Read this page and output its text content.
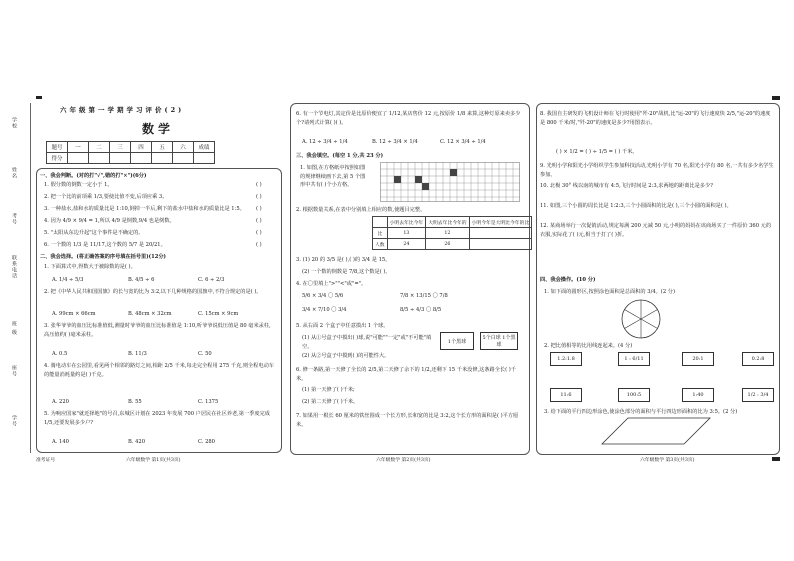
学校
姓名
考号
联系电话
班 级
座号
学号
六年级第一学期学习评价(2)
数学
题号	一	二	三	四	五	六	成绩
得分							
一、我会判断。(对的打"√",错的打"×")(6分)
1. 假分数的倒数一定小于 1。
2. 把一个比的前项乘 1/3,要使比值不变,后项应乘 3。
3. 一种盐水,盐和水的质量比是 1:10,倒掉一半后,剩下的盐水中盐和水的质量比是 1:5。
4. 因为 4/9 × 9/4 = 1,所以 4/9 是倒数,9/4 也是倒数。
5. "太阳从东边升起"这个事件是不确定的。
6. 一个数的 1/3 是 11/17,这个数的 5/7 是 20/21。
( )
( )
( )
( )
( )
( )
二、我会选择。(将正确答案的序号填在括号里)(12分)
1. 下面算式中,得数大于被除数的是( )。
A. 1/4 ÷ 5/3	B. 4/5 ÷ 6	C. 6 ÷ 2/3
2. 把《中华人民共和国国旗》的长与宽的比为 3:2,以下几种规格的国旗中,不符合规定的是( )。
A. 99cm × 66cm	B. 48cm × 32cm	C. 15cm × 9cm
3. 张华爷爷的血压比标准值低,测量时爷爷的血压比标准值是 1:10,听爷爷说低压值是 80 毫米汞柱,高压值约( )毫米汞柱。
A. 0.5	B. 11/3	C. 50
4. 骑电动车在公园里,看见两个相邻的路灯之间,相距 2/5 千米,每走完全程用 275 千克,则全程电动车的能量消耗量约是( )千克。
A. 220	B. 55	C. 1375
5. 为响应国家"就近择地"的号召,东城区计划在 2023 年发展 700 户居民在社区养老,第一季度完成 1/5,还要发展多少户?
A. 140	B. 420	C. 280
6. 有一个节电灯,其定价是比原价便宜了 1/12,某店售价 12 元,按原价 1/8 来算,这种灯原来卖多少个?请列式计算( )( )。
A. 12 ÷ 3/4 ÷ 1/4	B. 12 ÷ 3/4 × 1/4	C. 12 × 3/4 ÷ 1/4
三、我会填空。(每空 1 分,共 23 分)
1. 如图,在方格纸中按照如图的规律继续画下去,第 5 个图形中共有( )个小方格。
2. 根据数量关系,在表中分别填上相应的数,使题目完整。
	小明去年比今年	大明去年比今年的	小明今年是大明比今年的比
比	13	12	
人数	24	26	
3. (1) 20 的 3/5 是( ),( )的 3/4 是 15。
(2) 一个数的倒数是 7/8,这个数是( )。
4. 在〇里填上">""<"或"="。
5/6 × 3/4 〇 5/6	7/8 × 13/15 〇 7/8
3/4 × 7/10 〇 3/4	8/5 ÷ 4/3 〇 8/5
5. 从右面 2 个盒子中任意摸出 1 个球。
(1) 从①号盒子中摸出( )球,说"可能""一定"或"不可能"填空。
(2) 从②号盒子中摸到( )的可能性大。
1个黑球
5个白球 1个黑球
6. 修一条路,第一天修了全长的 2/5,第二天修了余下的 1/2,还剩下 15 千米没修,这条路全长( )千米。
(1) 第一天修了( )千米;
(2) 第二天修了( )千米。
7. 如果用一根长 60 厘米的铁丝围成一个长方形,长和宽的比是 3:2,这个长方形的面积是( )平方厘米。
8. 我国自主研发的飞机设计师在飞行时使用"歼-20"战机,比"运-20"的飞行速度快 2/5,"运-20"的速度是 800 千米/时,"歼-20"的速度是多少?用图表示。
( ) × 1/2 = ( ) ÷ 1/5 = ( ) 千米。
9. 光明小学和阳光小学组织学生参加科技活动,光明小学有 70 名,阳光小学有 80 名,一共有多少名学生参加。
10. 北极 30° 线以南的城市有 4:5,飞行时间是 2:3,求两地的距离比是多少?
11. 如图,三个小圆的周长比是 1:2:3,三个小圆面积的比是( ),三个小圆的面积是( )。
12. 某商场举行一次促销活动,规定每满 200 元减 50 元,小明的妈妈在该商场买了一件原价 360 元的衣服,实际花了( )元,相当于打了( )折。
四、我会操作。(10 分)
1. 如下面的圆形区,按照涂色面积是总面积的 3/4。(2 分)
2. 把比值相等的比用线连起来。(4 分)
1.2:1.8	1 : 6/11	20:1	0.2:8
11:6	100:5	1:40	1/2 : 3/4
3. 给下面的平行四边形涂色,使涂色部分的面积与平行四边形面积的比为 3:5。(2 分)
准考证号	六年级数学 第1页(共3页)	六年级数学 第2页(共3页)	六年级数学 第3页(共3页)
